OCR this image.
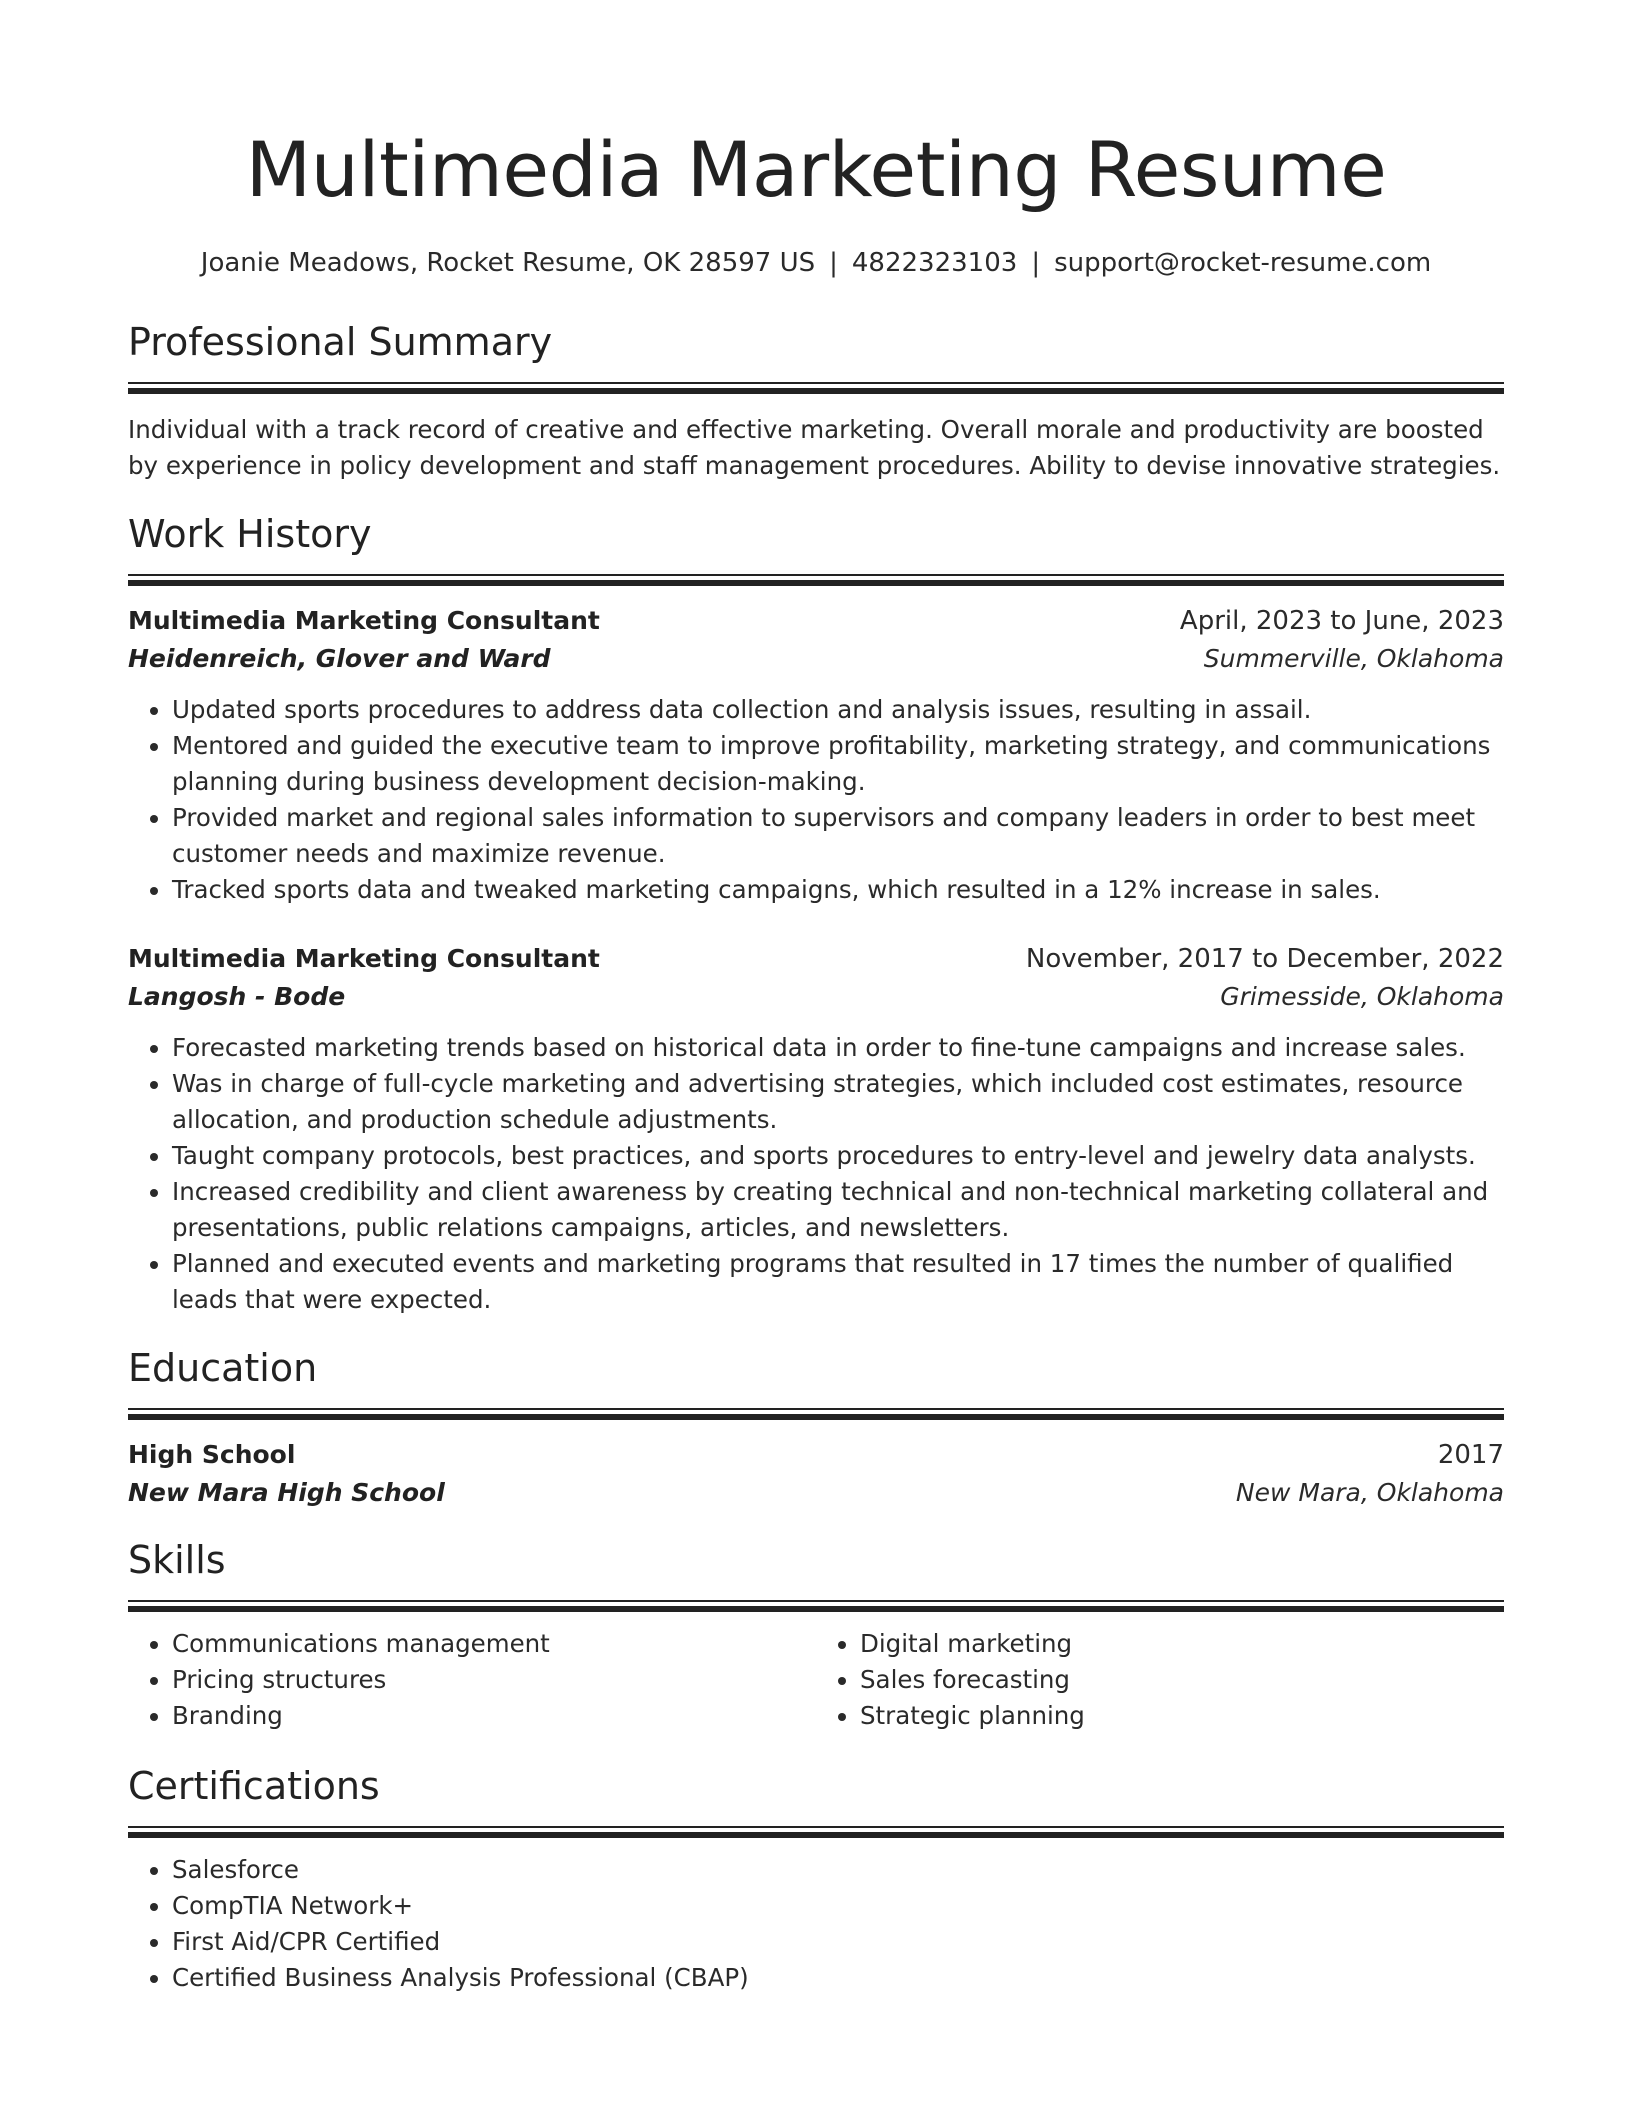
Multimedia Marketing Resume
Joanie Meadows, Rocket Resume, OK 28597 US | 4822323103 | support@rocket-resume.com
Professional Summary

Individual with a track record of creative and effective marketing. Overall morale and productivity are boosted by experience in policy development and staff management procedures. Ability to devise innovative strategies.

Work History
Multimedia Marketing Consultant	April, 2023 to June, 2023
Heidenreich, Glover and Ward	Summerville, Oklahoma
• Updated sports procedures to address data collection and analysis issues, resulting in assail.
• Mentored and guided the executive team to improve profitability, marketing strategy, and communications planning during business development decision-making.
• Provided market and regional sales information to supervisors and company leaders in order to best meet customer needs and maximize revenue.
• Tracked sports data and tweaked marketing campaigns, which resulted in a 12% increase in sales.
Multimedia Marketing Consultant	November, 2017 to December, 2022
Langosh - Bode	Grimesside, Oklahoma
• Forecasted marketing trends based on historical data in order to fine-tune campaigns and increase sales.
• Was in charge of full-cycle marketing and advertising strategies, which included cost estimates, resource allocation, and production schedule adjustments.
• Taught company protocols, best practices, and sports procedures to entry-level and jewelry data analysts.
• Increased credibility and client awareness by creating technical and non-technical marketing collateral and presentations, public relations campaigns, articles, and newsletters.
• Planned and executed events and marketing programs that resulted in 17 times the number of qualified leads that were expected.
Education
High School	2017
New Mara High School	New Mara, Oklahoma
Skills
• Communications management
• Pricing structures
• Branding
• Digital marketing
• Sales forecasting
• Strategic planning
Certifications
• Salesforce
• CompTIA Network+
• First Aid/CPR Certified
• Certified Business Analysis Professional (CBAP)
